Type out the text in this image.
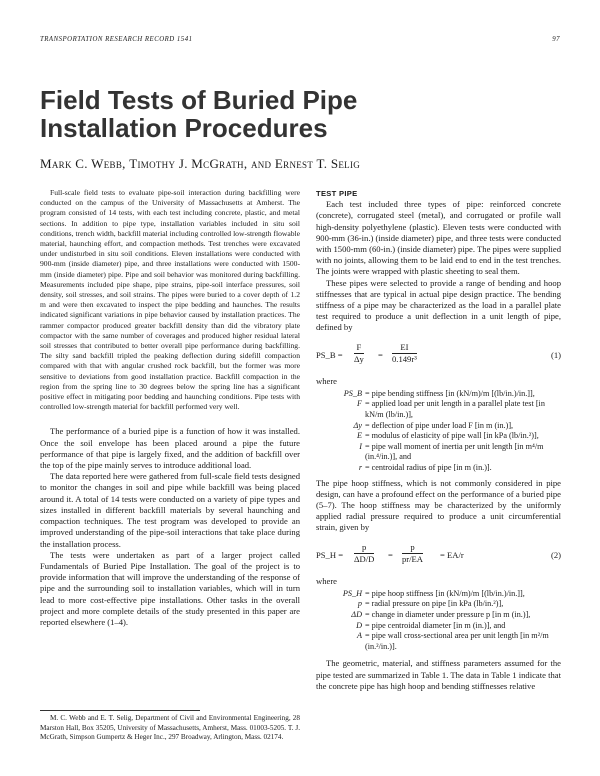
TRANSPORTATION RESEARCH RECORD 1541	97
Field Tests of Buried Pipe Installation Procedures
Mark C. Webb, Timothy J. McGrath, and Ernest T. Selig

Full-scale field tests to evaluate pipe-soil interaction during backfilling were conducted on the campus of the University of Massachusetts at Amherst. The program consisted of 14 tests, with each test including concrete, plastic, and metal sections. In addition to pipe type, installation variables included in situ soil conditions, trench width, backfill material including controlled low-strength flowable material, haunching effort, and compaction methods. Test trenches were excavated under undisturbed in situ soil conditions. Eleven installations were conducted with 900-mm (inside diameter) pipe, and three installations were conducted with 1500-mm (inside diameter) pipe. Pipe and soil behavior was monitored during backfilling. Measurements included pipe shape, pipe strains, pipe-soil interface pressures, soil density, soil stresses, and soil strains. The pipes were buried to a cover depth of 1.2 m and were then excavated to inspect the pipe bedding and haunches. The results indicated significant variations in pipe behavior caused by installation practices. The rammer compactor produced greater backfill density than did the vibratory plate compactor with the same number of coverages and produced higher residual lateral soil stresses that contributed to better overall pipe performance during backfilling. The silty sand backfill tripled the peaking deflection during sidefill compaction compared with that with angular crushed rock backfill, but the former was more sensitive to deviations from good installation practice. Backfill compaction in the region from the spring line to 30 degrees below the spring line has a significant positive effect in mitigating poor bedding and haunching conditions. Pipe tests with controlled low-strength material for backfill performed very well.

The performance of a buried pipe is a function of how it was installed. Once the soil envelope has been placed around a pipe the future performance of that pipe is largely fixed, and the addition of backfill over the top of the pipe mainly serves to introduce additional load.

The data reported here were gathered from full-scale field tests designed to monitor the changes in soil and pipe while backfill was being placed around it. A total of 14 tests were conducted on a variety of pipe types and sizes installed in different backfill materials by several haunching and compaction techniques. The test program was developed to provide an improved understanding of the pipe-soil interactions that take place during the installation process.

The tests were undertaken as part of a larger project called Fundamentals of Buried Pipe Installation. The goal of the project is to provide information that will improve the understanding of the response of pipe and the surrounding soil to installation variables, which will in turn lead to more cost-effective pipe installations. Other tasks in the overall project and more complete details of the study presented in this paper are reported elsewhere (1–4).

M. C. Webb and E. T. Selig, Department of Civil and Environmental Engineering, 28 Marston Hall, Box 35205, University of Massachusetts, Amherst, Mass. 01003-5205. T. J. McGrath, Simpson Gumpertz & Heger Inc., 297 Broadway, Arlington, Mass. 02174.

TEST PIPE

Each test included three types of pipe: reinforced concrete (concrete), corrugated steel (metal), and corrugated or profile wall high-density polyethylene (plastic). Eleven tests were conducted with 900-mm (36-in.) (inside diameter) pipe, and three tests were conducted with 1500-mm (60-in.) (inside diameter) pipe. The pipes were supplied with no joints, allowing them to be laid end to end in the test trenches. The joints were wrapped with plastic sheeting to seal them.

These pipes were selected to provide a range of bending and hoop stiffnesses that are typical in actual pipe design practice. The bending stiffness of a pipe may be characterized as the load in a parallel plate test required to produce a unit deflection in a unit length of pipe, defined by

PS_B = $\frac{F}{\Delta y} = \frac{EI}{\text{0.149r³}}$	(1)

where

PS_B = pipe bending stiffness [in (kN/m)/m [(lb/in.)/in.]],
F = applied load per unit length in a parallel plate test [in kN/m (lb/in.)],
Δy = deflection of pipe under load F [in m (in.)],
E = modulus of elasticity of pipe wall [in kPa (lb/in.²)],
I = pipe wall moment of inertia per unit length [in m⁴/m (in.⁴/in.)], and
r = centroidal radius of pipe [in m (in.)].

The pipe hoop stiffness, which is not commonly considered in pipe design, can have a profound effect on the performance of a buried pipe (5–7). The hoop stiffness may be characterized by the uniformly applied radial pressure required to produce a unit circumferential strain, given by

PS_H = $\frac{p}{\Delta D/D} = \frac{p}{pr/EA} = EA/r$	(2)

where

PS_H = pipe hoop stiffness [in (kN/m)/m [(lb/in.)/in.]],
p = radial pressure on pipe [in kPa (lb/in.²)],
ΔD = change in diameter under pressure p [in m (in.)],
D = pipe centroidal diameter [in m (in.)], and
A = pipe wall cross-sectional area per unit length [in m²/m (in.²/in.)].

The geometric, material, and stiffness parameters assumed for the pipe tested are summarized in Table 1. The data in Table 1 indicate that the concrete pipe has high hoop and bending stiffnesses relative
